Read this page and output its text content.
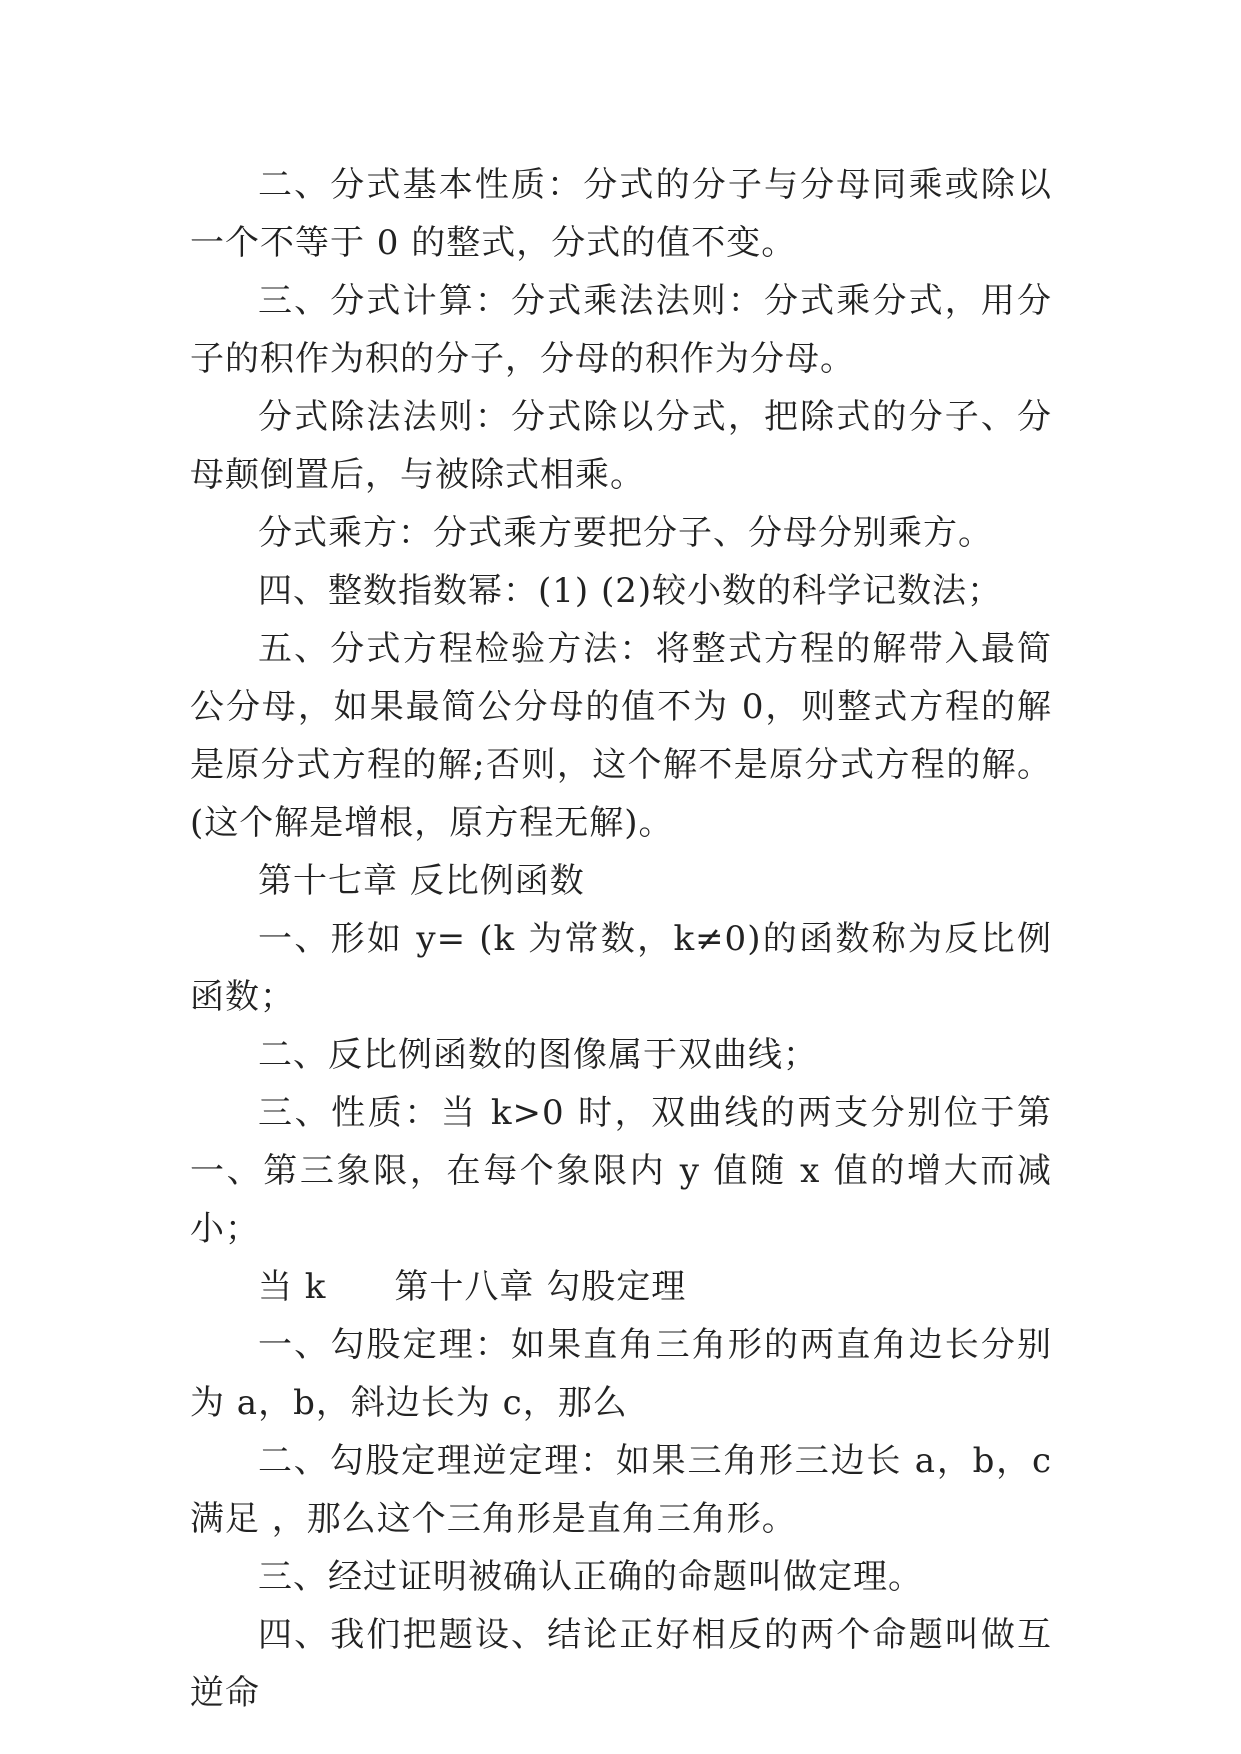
二、分式基本性质：分式的分子与分母同乘或除以一个不等于 0 的整式，分式的值不变。

三、分式计算：分式乘法法则：分式乘分式，用分子的积作为积的分子，分母的积作为分母。

分式除法法则：分式除以分式，把除式的分子、分母颠倒置后，与被除式相乘。

分式乘方：分式乘方要把分子、分母分别乘方。

四、整数指数幂：(1) (2)较小数的科学记数法；

五、分式方程检验方法：将整式方程的解带入最简公分母，如果最简公分母的值不为 0，则整式方程的解是原分式方程的解;否则，这个解不是原分式方程的解。(这个解是增根，原方程无解)。

第十七章 反比例函数

一、形如 y= (k 为常数，k≠0)的函数称为反比例函数；

二、反比例函数的图像属于双曲线；

三、性质：当 k>0 时，双曲线的两支分别位于第一、第三象限，在每个象限内 y 值随 x 值的增大而减小；

当 k 第十八章 勾股定理

一、勾股定理：如果直角三角形的两直角边长分别为 a，b，斜边长为 c，那么

二、勾股定理逆定理：如果三角形三边长 a，b，c 满足 ，那么这个三角形是直角三角形。

三、经过证明被确认正确的命题叫做定理。

四、我们把题设、结论正好相反的两个命题叫做互逆命
